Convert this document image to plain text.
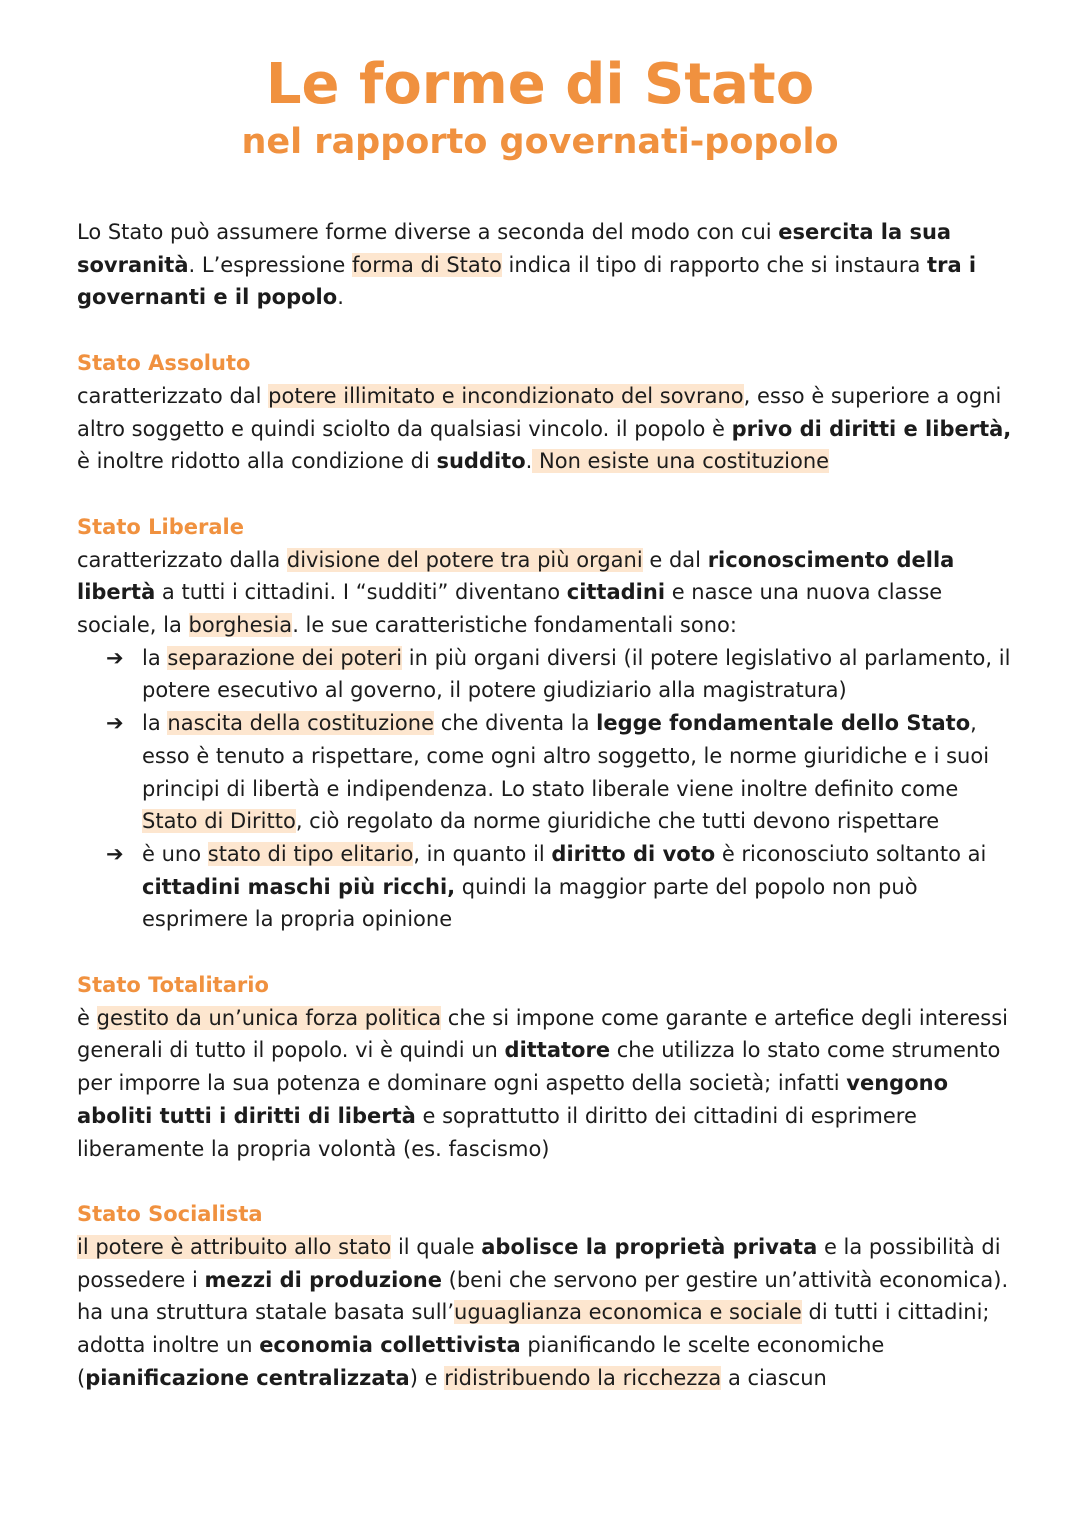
Le forme di Stato
nel rapporto governati-popolo

Lo Stato può assumere forme diverse a seconda del modo con cui esercita la sua sovranità. L’espressione forma di Stato indica il tipo di rapporto che si instaura tra i governanti e il popolo.

Stato Assoluto

caratterizzato dal potere illimitato e incondizionato del sovrano, esso è superiore a ogni altro soggetto e quindi sciolto da qualsiasi vincolo. il popolo è privo di diritti e libertà, è inoltre ridotto alla condizione di suddito. Non esiste una costituzione

Stato Liberale

caratterizzato dalla divisione del potere tra più organi e dal riconoscimento della libertà a tutti i cittadini. I “sudditi” diventano cittadini e nasce una nuova classe sociale, la borghesia. le sue caratteristiche fondamentali sono:

➔ la separazione dei poteri in più organi diversi (il potere legislativo al parlamento, il potere esecutivo al governo, il potere giudiziario alla magistratura)
➔ la nascita della costituzione che diventa la legge fondamentale dello Stato, esso è tenuto a rispettare, come ogni altro soggetto, le norme giuridiche e i suoi principi di libertà e indipendenza. Lo stato liberale viene inoltre definito come Stato di Diritto, ciò regolato da norme giuridiche che tutti devono rispettare
➔ è uno stato di tipo elitario, in quanto il diritto di voto è riconosciuto soltanto ai cittadini maschi più ricchi, quindi la maggior parte del popolo non può esprimere la propria opinione

Stato Totalitario

è gestito da un’unica forza politica che si impone come garante e artefice degli interessi generali di tutto il popolo. vi è quindi un dittatore che utilizza lo stato come strumento per imporre la sua potenza e dominare ogni aspetto della società; infatti vengono aboliti tutti i diritti di libertà e soprattutto il diritto dei cittadini di esprimere liberamente la propria volontà (es. fascismo)

Stato Socialista

il potere è attribuito allo stato il quale abolisce la proprietà privata e la possibilità di possedere i mezzi di produzione (beni che servono per gestire un’attività economica). ha una struttura statale basata sull’uguaglianza economica e sociale di tutti i cittadini; adotta inoltre un economia collettivista pianificando le scelte economiche (pianificazione centralizzata) e ridistribuendo la ricchezza a ciascun
